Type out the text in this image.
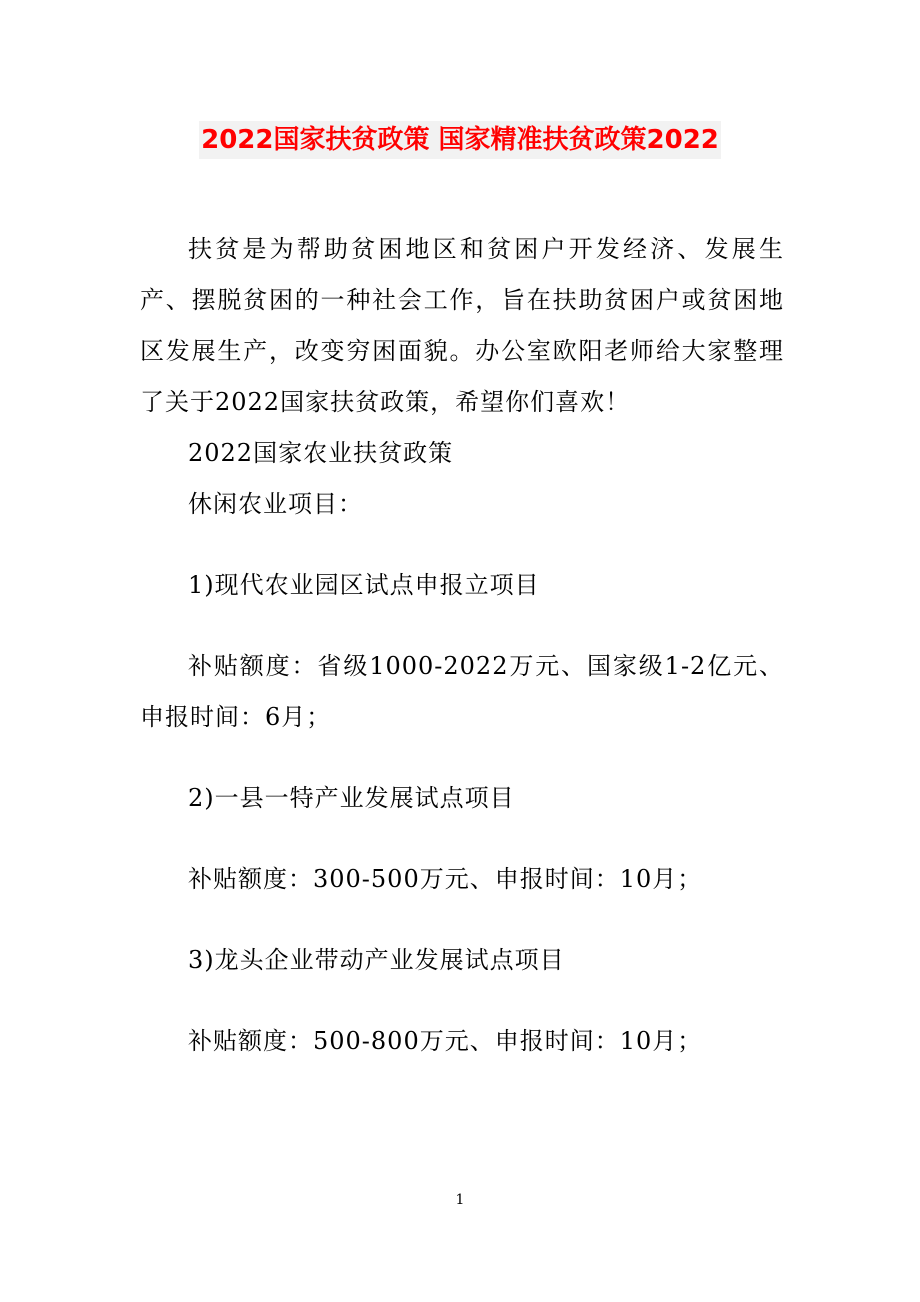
2022国家扶贫政策 国家精准扶贫政策2022

扶贫是为帮助贫困地区和贫困户开发经济、发展生产、摆脱贫困的一种社会工作，旨在扶助贫困户或贫困地区发展生产，改变穷困面貌。办公室欧阳老师给大家整理了关于2022国家扶贫政策，希望你们喜欢！

2022国家农业扶贫政策

休闲农业项目：

1)现代农业园区试点申报立项目

补贴额度：省级1000-2022万元、国家级1-2亿元、申报时间：6月；

2)一县一特产业发展试点项目

补贴额度：300-500万元、申报时间：10月；

3)龙头企业带动产业发展试点项目

补贴额度：500-800万元、申报时间：10月；

1
